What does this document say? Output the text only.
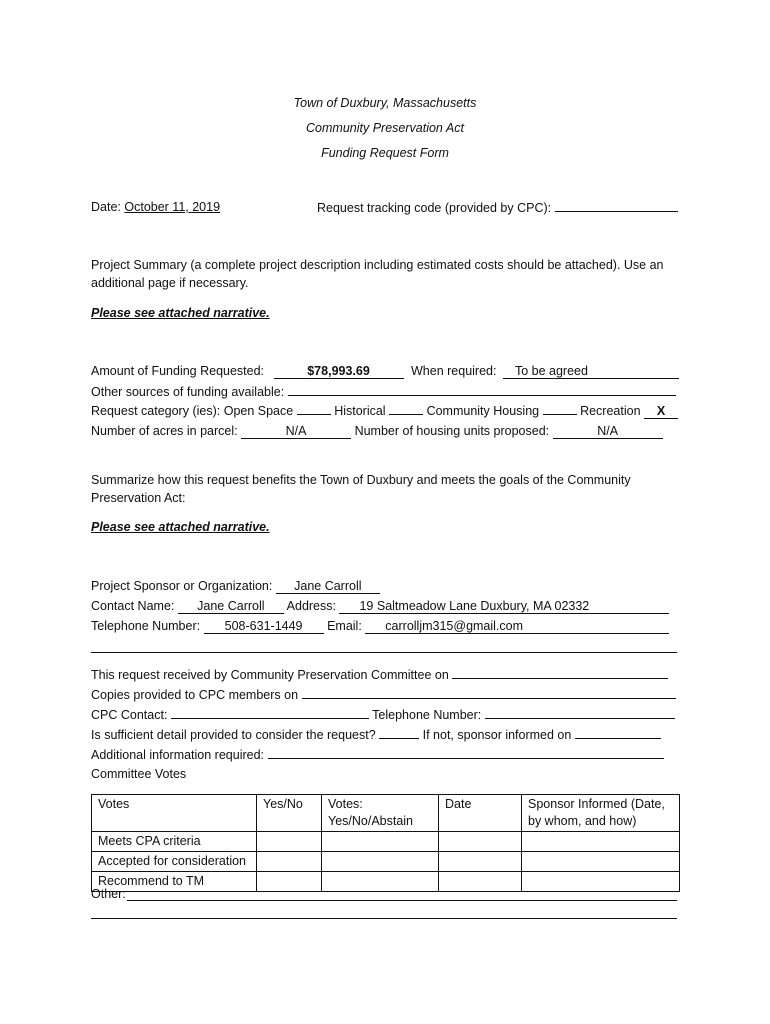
Town of Duxbury, Massachusetts
Community Preservation Act
Funding Request Form
Date: October 11, 2019	Request tracking code (provided by CPC):
Project Summary (a complete project description including estimated costs should be attached). Use an additional page if necessary.
Please see attached narrative.
Amount of Funding Requested:	$78,993.69	When required: To be agreed
Other sources of funding available:
Request category (ies): Open Space	Historical	Community Housing	Recreation X
Number of acres in parcel:	N/A	Number of housing units proposed:	N/A
Summarize how this request benefits the Town of Duxbury and meets the goals of the Community Preservation Act:
Please see attached narrative.
Project Sponsor or Organization: Jane Carroll
Contact Name: Jane Carroll Address: 19 Saltmeadow Lane Duxbury, MA 02332
Telephone Number: 508-631-1449 Email: carrolljm315@gmail.com
This request received by Community Preservation Committee on
Copies provided to CPC members on
CPC Contact:	Telephone Number:
Is sufficient detail provided to consider the request?	If not, sponsor informed on
Additional information required:
Committee Votes
Votes	Yes/No	Votes: Yes/No/Abstain	Date	Sponsor Informed (Date, by whom, and how)
Meets CPA criteria				
Accepted for consideration				
Recommend to TM				
Other:
